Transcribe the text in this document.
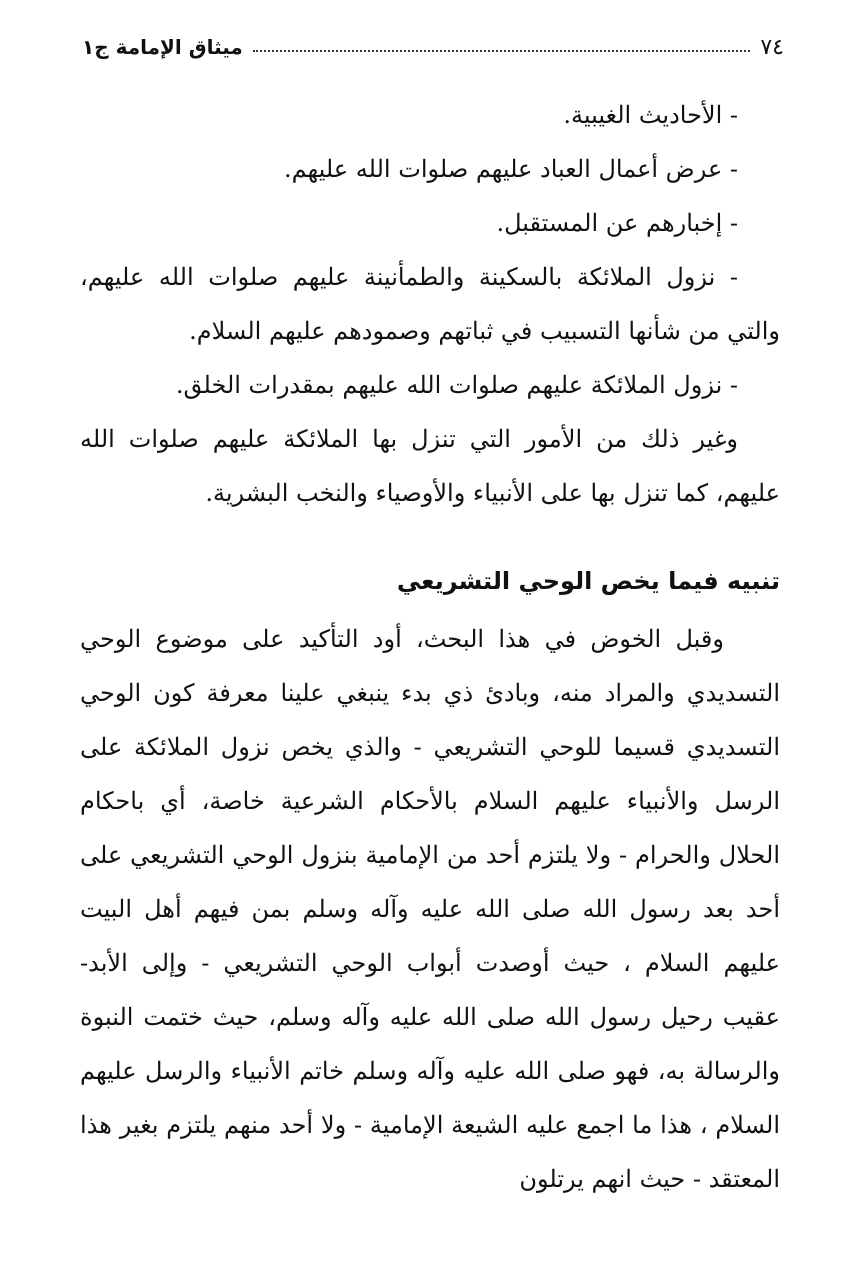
٧٤
ميثاق الإمامة ج١

- الأحاديث الغيبية.

- عرض أعمال العباد عليهم صلوات الله عليهم.

- إخبارهم عن المستقبل.

- نزول الملائكة بالسكينة والطمأنينة عليهم صلوات الله عليهم، والتي من شأنها التسبيب في ثباتهم وصمودهم عليهم السلام.

- نزول الملائكة عليهم صلوات الله عليهم بمقدرات الخلق.

وغير ذلك من الأمور التي تنزل بها الملائكة عليهم صلوات الله عليهم، كما تنزل بها على الأنبياء والأوصياء والنخب البشرية.

تنبيه فيما يخص الوحي التشريعي

وقبل الخوض في هذا البحث، أود التأكيد على موضوع الوحي التسديدي والمراد منه، وبادئ ذي بدء ينبغي علينا معرفة كون الوحي التسديدي قسيما للوحي التشريعي - والذي يخص نزول الملائكة على الرسل والأنبياء عليهم السلام بالأحكام الشرعية خاصة، أي باحكام الحلال والحرام - ولا يلتزم أحد من الإمامية بنزول الوحي التشريعي على أحد بعد رسول الله صلى الله عليه وآله وسلم بمن فيهم أهل البيت عليهم السلام ، حيث أوصدت أبواب الوحي التشريعي - وإلى الأبد- عقيب رحيل رسول الله صلى الله عليه وآله وسلم، حيث ختمت النبوة والرسالة به، فهو صلى الله عليه وآله وسلم خاتم الأنبياء والرسل عليهم السلام ، هذا ما اجمع عليه الشيعة الإمامية - ولا أحد منهم يلتزم بغير هذا المعتقد - حيث انهم يرتلون
